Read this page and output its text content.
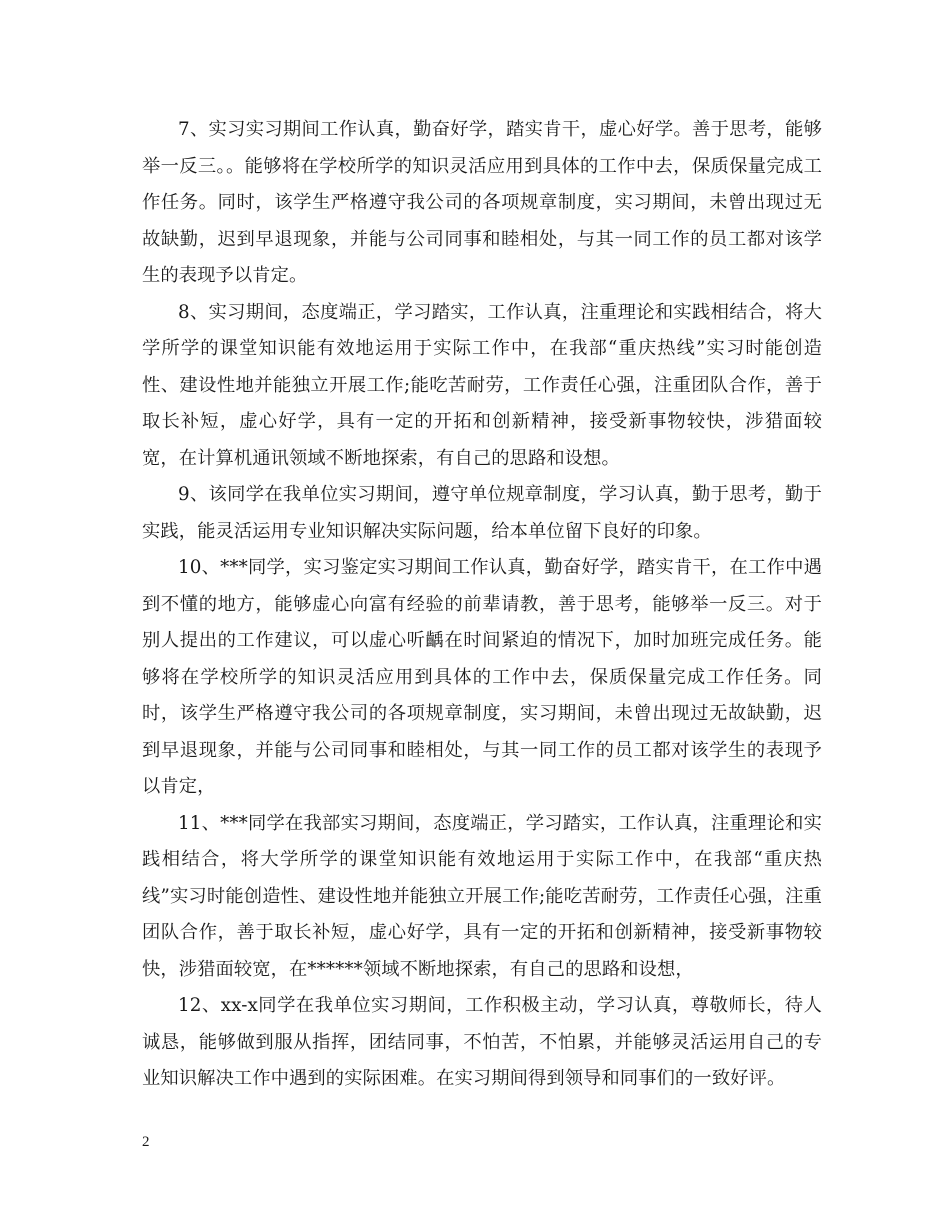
7、实习实习期间工作认真，勤奋好学，踏实肯干，虚心好学。善于思考，能够举一反三。。能够将在学校所学的知识灵活应用到具体的工作中去，保质保量完成工作任务。同时，该学生严格遵守我公司的各项规章制度，实习期间，未曾出现过无故缺勤，迟到早退现象，并能与公司同事和睦相处，与其一同工作的员工都对该学生的表现予以肯定。

8、实习期间，态度端正，学习踏实，工作认真，注重理论和实践相结合，将大学所学的课堂知识能有效地运用于实际工作中，在我部“重庆热线”实习时能创造性、建设性地并能独立开展工作;能吃苦耐劳，工作责任心强，注重团队合作，善于取长补短，虚心好学，具有一定的开拓和创新精神，接受新事物较快，涉猎面较宽，在计算机通讯领域不断地探索，有自己的思路和设想。

9、该同学在我单位实习期间，遵守单位规章制度，学习认真，勤于思考，勤于实践，能灵活运用专业知识解决实际问题，给本单位留下良好的印象。

10、***同学，实习鉴定实习期间工作认真，勤奋好学，踏实肯干，在工作中遇到不懂的地方，能够虚心向富有经验的前辈请教，善于思考，能够举一反三。对于别人提出的工作建议，可以虚心听齲在时间紧迫的情况下，加时加班完成任务。能够将在学校所学的知识灵活应用到具体的工作中去，保质保量完成工作任务。同时，该学生严格遵守我公司的各项规章制度，实习期间，未曾出现过无故缺勤，迟到早退现象，并能与公司同事和睦相处，与其一同工作的员工都对该学生的表现予以肯定，

11、***同学在我部实习期间，态度端正，学习踏实，工作认真，注重理论和实践相结合，将大学所学的课堂知识能有效地运用于实际工作中，在我部“重庆热线”实习时能创造性、建设性地并能独立开展工作;能吃苦耐劳，工作责任心强，注重团队合作，善于取长补短，虚心好学，具有一定的开拓和创新精神，接受新事物较快，涉猎面较宽，在******领域不断地探索，有自己的思路和设想，

12、xx-x同学在我单位实习期间，工作积极主动，学习认真，尊敬师长，待人诚恳，能够做到服从指挥，团结同事，不怕苦，不怕累，并能够灵活运用自己的专业知识解决工作中遇到的实际困难。在实习期间得到领导和同事们的一致好评。

2
